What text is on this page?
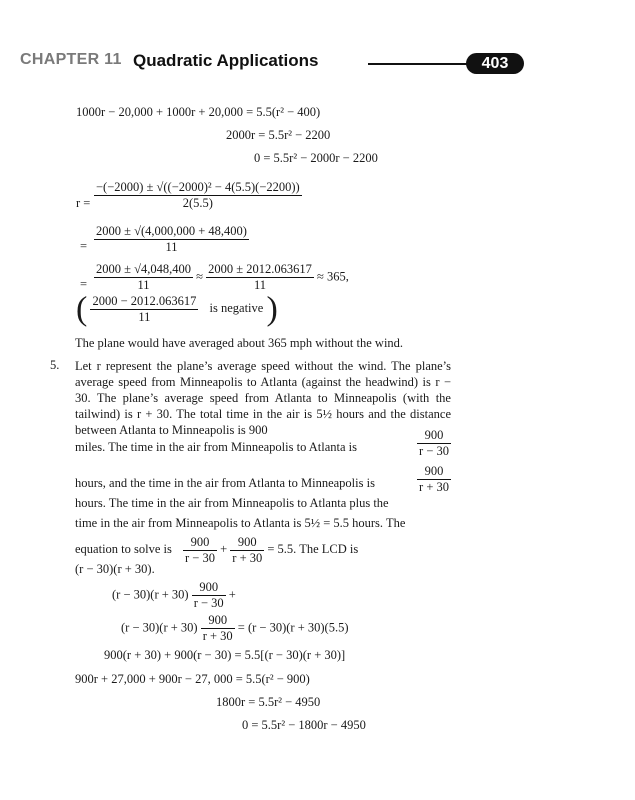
CHAPTER 11 Quadratic Applications	403
1000r − 20,000 + 1000r + 20,000 = 5.5(r² − 400)
2000r = 5.5r² − 2200
0 = 5.5r² − 2000r − 2200
$r = \frac{\text{−(−2000) ± √((−2000)² − 4(5.5)(−2200))}}{2(5.5)}$
= $\frac{2000 \pm √(4,000,000 + 48,400)}{11}$
= $\frac{2000 \pm √4,048,400}{11} \approx \frac{2000 \pm 2012.063617}{11} \approx 365$,
( $\frac{2000 - 2012.063617}{11}$ is negative )
The plane would have averaged about 365 mph without the wind.
5. Let r represent the plane’s average speed without the wind. The plane’s average speed from Minneapolis to Atlanta (against the headwind) is r − 30. The plane’s average speed from Atlanta to Minneapolis (with the tailwind) is r + 30. The total time in the air is 5½ hours and the distance between Atlanta to Minneapolis is 900
miles. The time in the air from Minneapolis to Atlanta is	$\frac{900}{r - 30}$
hours, and the time in the air from Atlanta to Minneapolis is	$\frac{900}{r + 30}$
hours. The time in the air from Minneapolis to Atlanta plus the
time in the air from Minneapolis to Atlanta is 5½ = 5.5 hours. The
equation to solve is $\frac{900}{r - 30} + \frac{900}{r + 30} = 5.5$. The LCD is
(r − 30)(r + 30).
$(r - 30)(r + 30) \frac{900}{r - 30}$ +
$(r - 30)(r + 30) \frac{900}{r + 30} = (r - 30)(r + 30)(5.5)$
900(r + 30) + 900(r − 30) = 5.5[(r − 30)(r + 30)]
900r + 27,000 + 900r − 27, 000 = 5.5(r² − 900)
1800r = 5.5r² − 4950
0 = 5.5r² − 1800r − 4950
